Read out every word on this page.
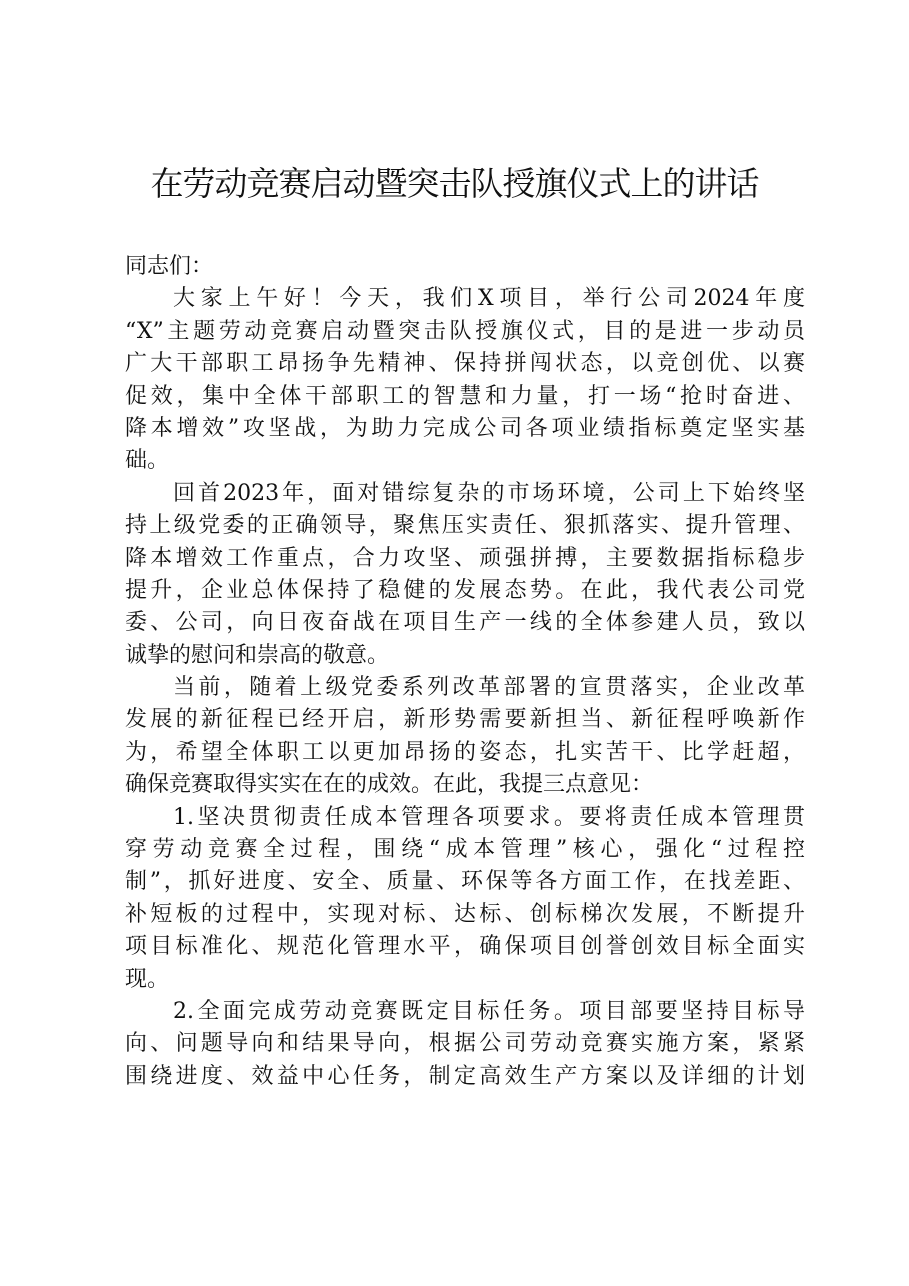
在劳动竞赛启动暨突击队授旗仪式上的讲话
同志们：
大家上午好！今天，我们X项目，举行公司2024年度
“X”主题劳动竞赛启动暨突击队授旗仪式，目的是进一步动员
广大干部职工昂扬争先精神、保持拼闯状态，以竞创优、以赛
促效，集中全体干部职工的智慧和力量，打一场“抢时奋进、
降本增效”攻坚战，为助力完成公司各项业绩指标奠定坚实基
础。
回首2023年，面对错综复杂的市场环境，公司上下始终坚
持上级党委的正确领导，聚焦压实责任、狠抓落实、提升管理、
降本增效工作重点，合力攻坚、顽强拼搏，主要数据指标稳步
提升，企业总体保持了稳健的发展态势。在此，我代表公司党
委、公司，向日夜奋战在项目生产一线的全体参建人员，致以
诚挚的慰问和崇高的敬意。
当前，随着上级党委系列改革部署的宣贯落实，企业改革
发展的新征程已经开启，新形势需要新担当、新征程呼唤新作
为，希望全体职工以更加昂扬的姿态，扎实苦干、比学赶超，
确保竞赛取得实实在在的成效。在此，我提三点意见：
1.坚决贯彻责任成本管理各项要求。要将责任成本管理贯
穿劳动竞赛全过程，围绕“成本管理”核心，强化“过程控
制”，抓好进度、安全、质量、环保等各方面工作，在找差距、
补短板的过程中，实现对标、达标、创标梯次发展，不断提升
项目标准化、规范化管理水平，确保项目创誉创效目标全面实
现。
2.全面完成劳动竞赛既定目标任务。项目部要坚持目标导
向、问题导向和结果导向，根据公司劳动竞赛实施方案，紧紧
围绕进度、效益中心任务，制定高效生产方案以及详细的计划
